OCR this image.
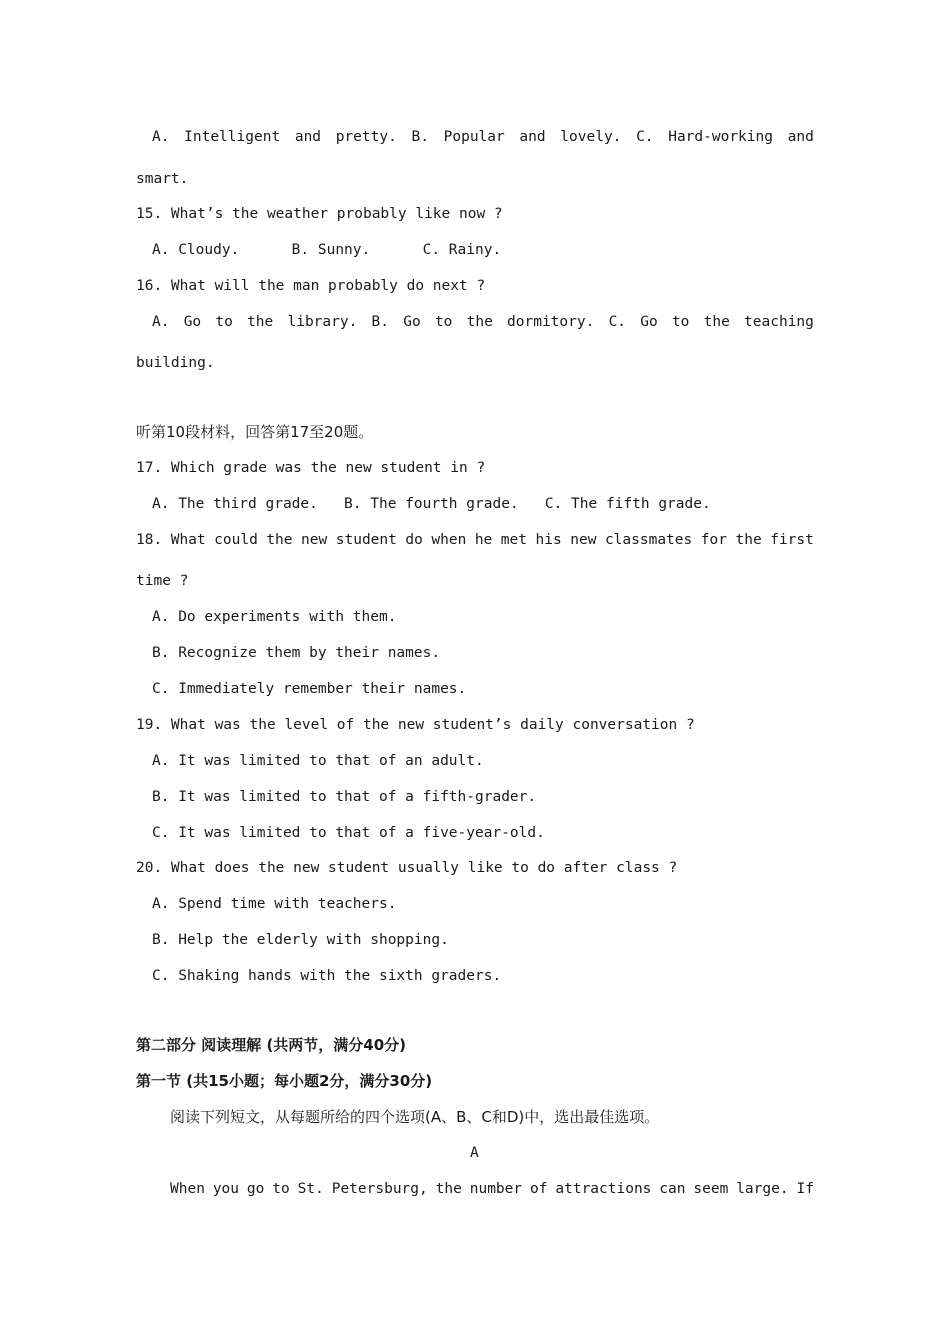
A. Intelligent and pretty. B. Popular and lovely. C. Hard-working and
smart.
15. What’s the weather probably like now ?
A. Cloudy.      B. Sunny.      C. Rainy.
16. What will the man probably do next ?
A. Go to the library. B. Go to the dormitory. C. Go to the teaching
building.
听第10段材料，回答第17至20题。
17. Which grade was the new student in ?
A. The third grade.   B. The fourth grade.   C. The fifth grade.
18. What could the new student do when he met his new classmates for the first
time ?
A. Do experiments with them.
B. Recognize them by their names.
C. Immediately remember their names.
19. What was the level of the new student’s daily conversation ?
A. It was limited to that of an adult.
B. It was limited to that of a fifth-grader.
C. It was limited to that of a five-year-old.
20. What does the new student usually like to do after class ?
A. Spend time with teachers.
B. Help the elderly with shopping.
C. Shaking hands with the sixth graders.
第二部分 阅读理解 (共两节，满分40分)
第一节 (共15小题；每小题2分，满分30分)
阅读下列短文，从每题所给的四个选项(A、B、C和D)中，选出最佳选项。
A
When you go to St. Petersburg, the number of attractions can seem large. If
